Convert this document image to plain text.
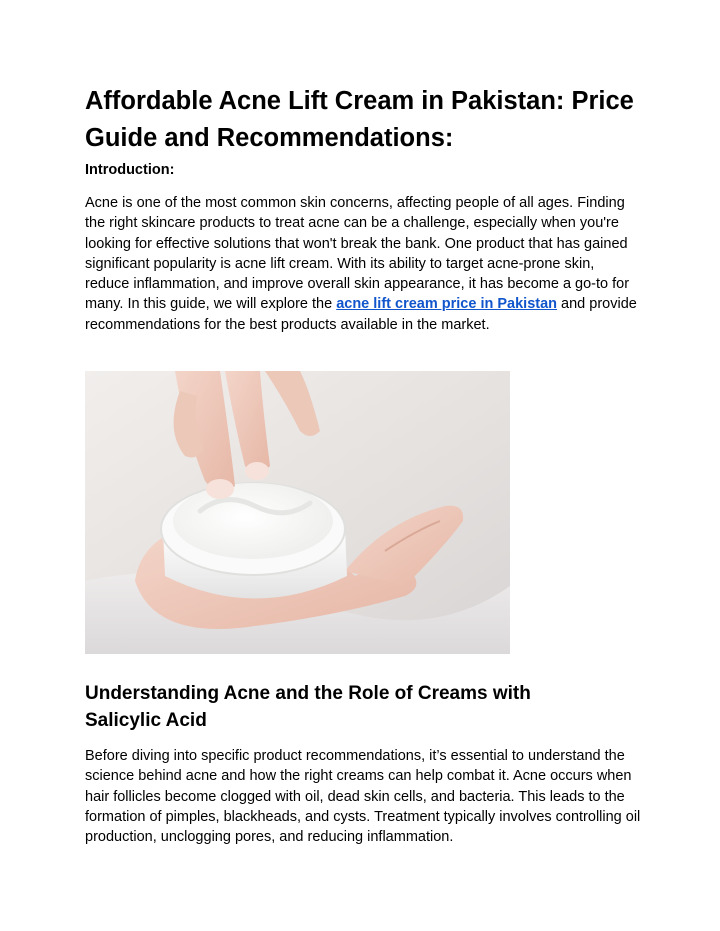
Affordable Acne Lift Cream in Pakistan: Price Guide and Recommendations:
Introduction:

Acne is one of the most common skin concerns, affecting people of all ages. Finding the right skincare products to treat acne can be a challenge, especially when you're looking for effective solutions that won't break the bank. One product that has gained significant popularity is acne lift cream. With its ability to target acne-prone skin, reduce inflammation, and improve overall skin appearance, it has become a go-to for many. In this guide, we will explore the acne lift cream price in Pakistan and provide recommendations for the best products available in the market.

Understanding Acne and the Role of Creams with Salicylic Acid

Before diving into specific product recommendations, it’s essential to understand the science behind acne and how the right creams can help combat it. Acne occurs when hair follicles become clogged with oil, dead skin cells, and bacteria. This leads to the formation of pimples, blackheads, and cysts. Treatment typically involves controlling oil production, unclogging pores, and reducing inflammation.
